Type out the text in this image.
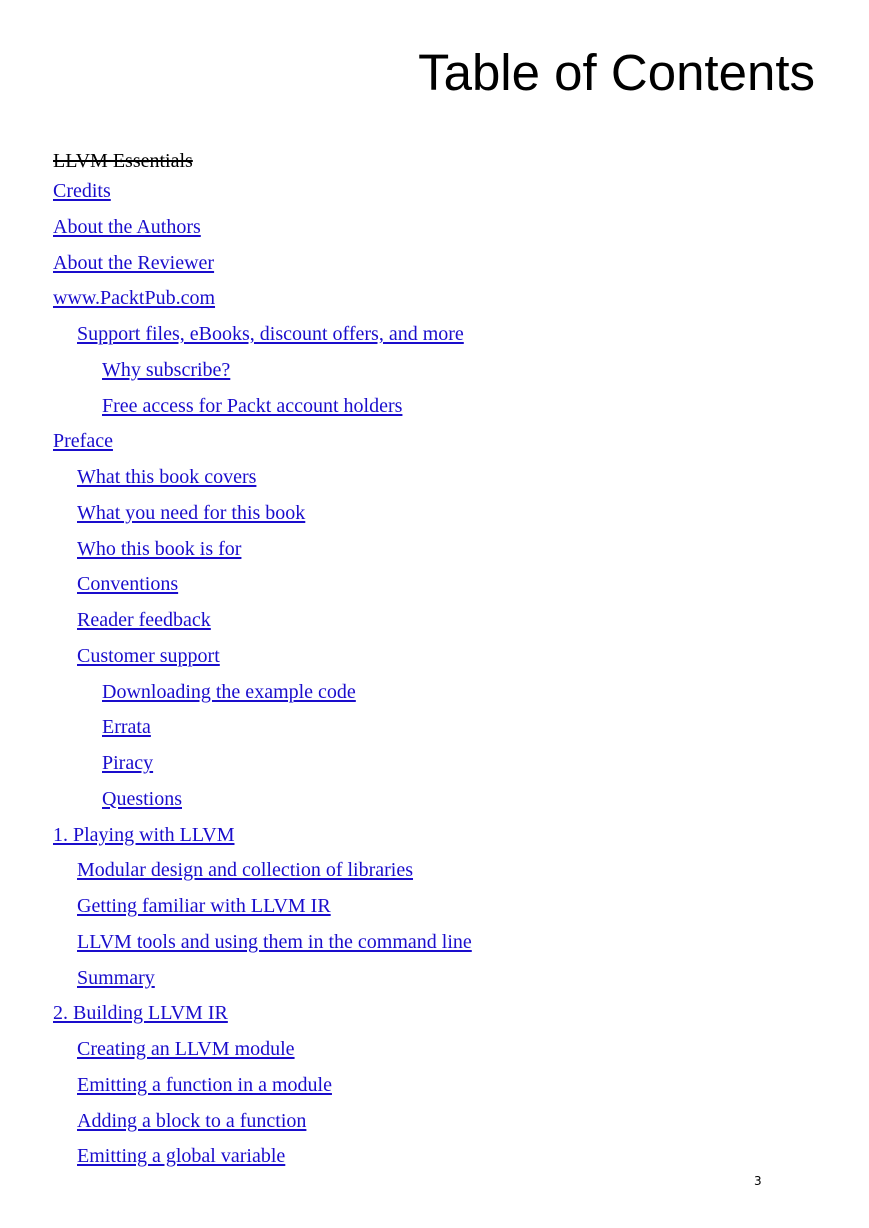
Table of Contents
LLVM Essentials
Credits
About the Authors
About the Reviewer
www.PacktPub.com
Support files, eBooks, discount offers, and more
Why subscribe?
Free access for Packt account holders
Preface
What this book covers
What you need for this book
Who this book is for
Conventions
Reader feedback
Customer support
Downloading the example code
Errata
Piracy
Questions
1. Playing with LLVM
Modular design and collection of libraries
Getting familiar with LLVM IR
LLVM tools and using them in the command line
Summary
2. Building LLVM IR
Creating an LLVM module
Emitting a function in a module
Adding a block to a function
Emitting a global variable
3
